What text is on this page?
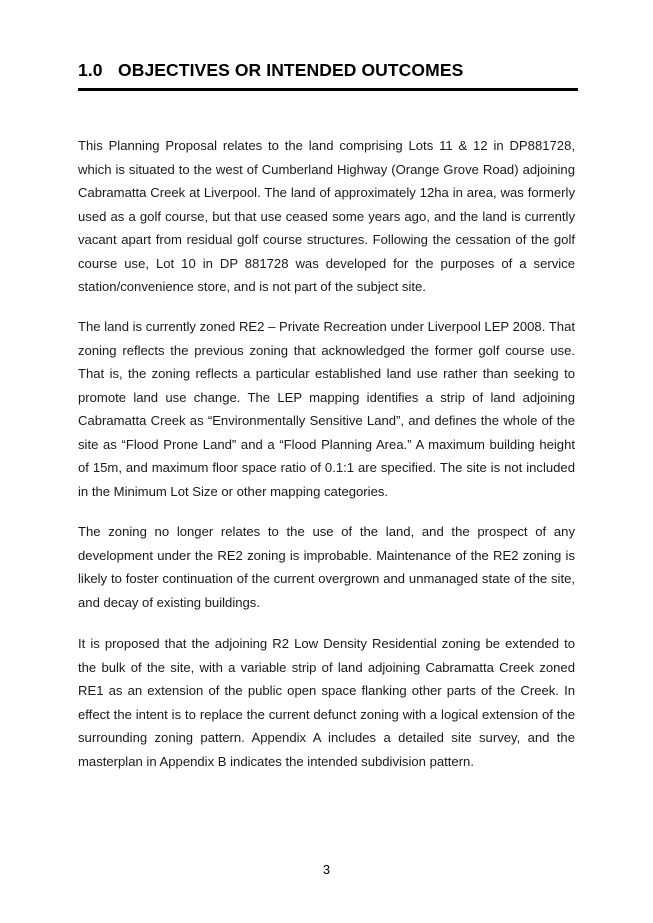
1.0 OBJECTIVES OR INTENDED OUTCOMES

This Planning Proposal relates to the land comprising Lots 11 & 12 in DP881728, which is situated to the west of Cumberland Highway (Orange Grove Road) adjoining Cabramatta Creek at Liverpool. The land of approximately 12ha in area, was formerly used as a golf course, but that use ceased some years ago, and the land is currently vacant apart from residual golf course structures. Following the cessation of the golf course use, Lot 10 in DP 881728 was developed for the purposes of a service station/convenience store, and is not part of the subject site.

The land is currently zoned RE2 – Private Recreation under Liverpool LEP 2008. That zoning reflects the previous zoning that acknowledged the former golf course use. That is, the zoning reflects a particular established land use rather than seeking to promote land use change. The LEP mapping identifies a strip of land adjoining Cabramatta Creek as “Environmentally Sensitive Land”, and defines the whole of the site as “Flood Prone Land” and a “Flood Planning Area.” A maximum building height of 15m, and maximum floor space ratio of 0.1:1 are specified. The site is not included in the Minimum Lot Size or other mapping categories.

The zoning no longer relates to the use of the land, and the prospect of any development under the RE2 zoning is improbable. Maintenance of the RE2 zoning is likely to foster continuation of the current overgrown and unmanaged state of the site, and decay of existing buildings.

It is proposed that the adjoining R2 Low Density Residential zoning be extended to the bulk of the site, with a variable strip of land adjoining Cabramatta Creek zoned RE1 as an extension of the public open space flanking other parts of the Creek. In effect the intent is to replace the current defunct zoning with a logical extension of the surrounding zoning pattern. Appendix A includes a detailed site survey, and the masterplan in Appendix B indicates the intended subdivision pattern.

3
